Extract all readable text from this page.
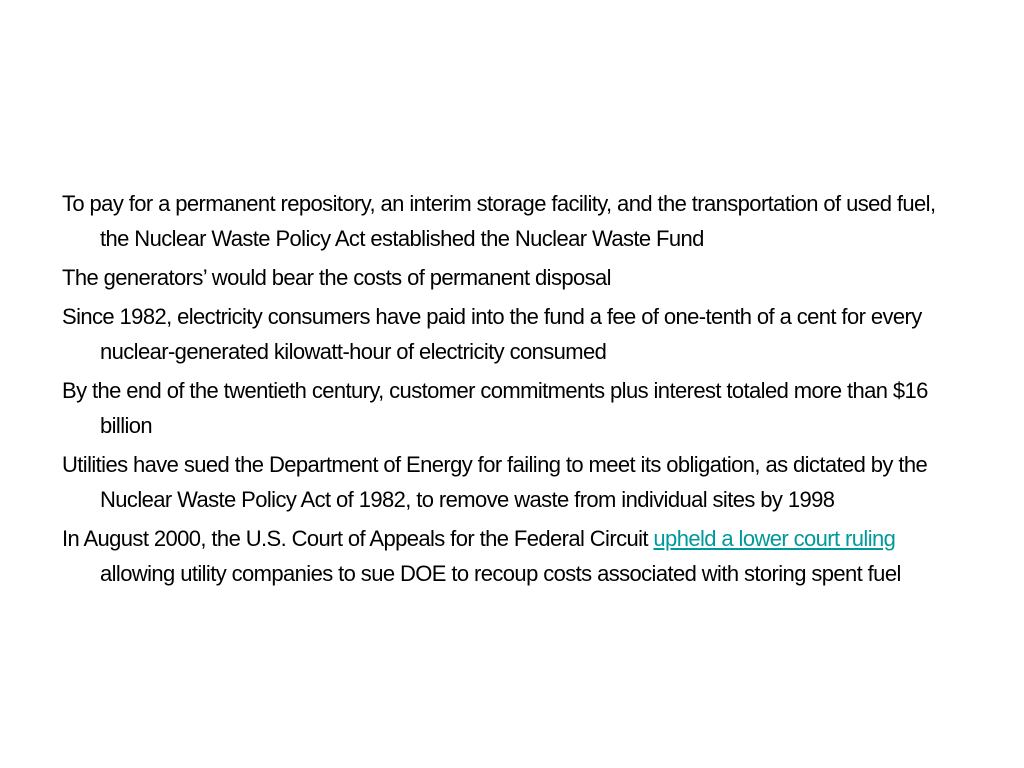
To pay for a permanent repository, an interim storage facility, and the transportation of used fuel, the Nuclear Waste Policy Act established the Nuclear Waste Fund
The generators’ would bear the costs of permanent disposal
Since 1982, electricity consumers have paid into the fund a fee of one-tenth of a cent for every nuclear-generated kilowatt-hour of electricity consumed
By the end of the twentieth century, customer commitments plus interest totaled more than $16 billion
Utilities have sued the Department of Energy for failing to meet its obligation, as dictated by the Nuclear Waste Policy Act of 1982, to remove waste from individual sites by 1998
In August 2000, the U.S. Court of Appeals for the Federal Circuit upheld a lower court ruling allowing utility companies to sue DOE to recoup costs associated with storing spent fuel
